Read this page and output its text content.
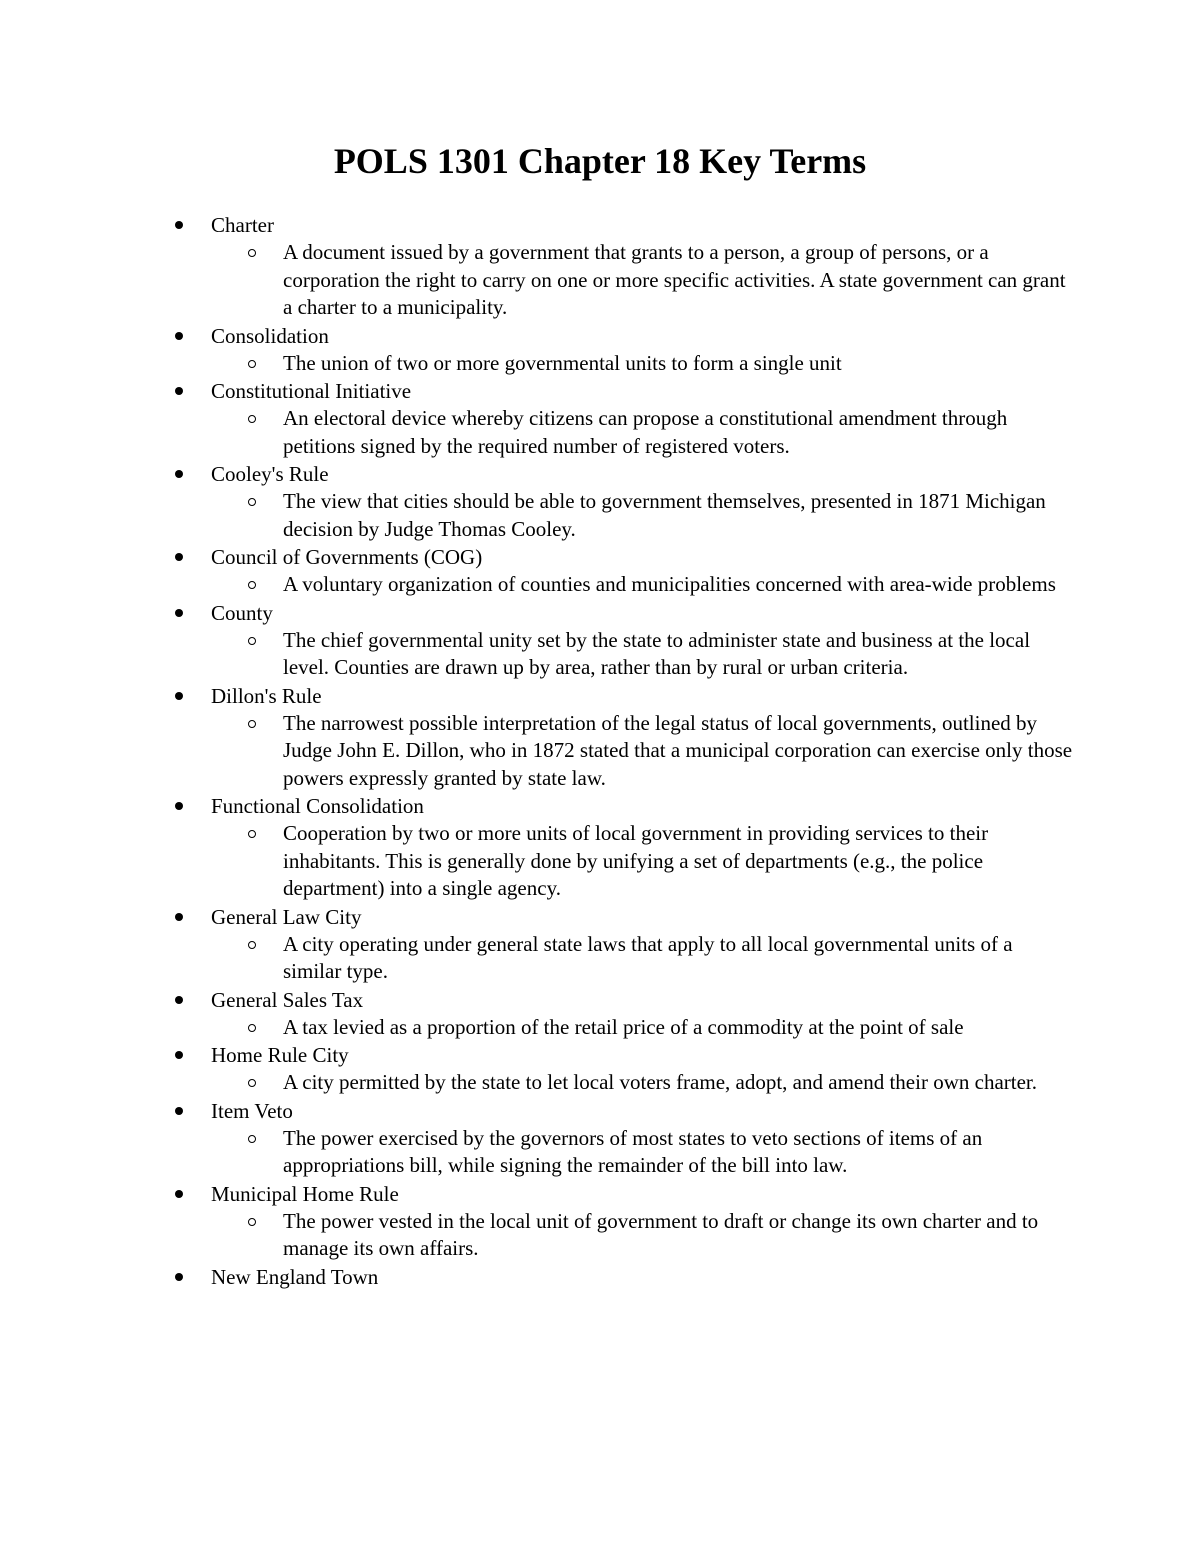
POLS 1301 Chapter 18 Key Terms
Charter
A document issued by a government that grants to a person, a group of persons, or a corporation the right to carry on one or more specific activities. A state government can grant a charter to a municipality.
Consolidation
The union of two or more governmental units to form a single unit
Constitutional Initiative
An electoral device whereby citizens can propose a constitutional amendment through petitions signed by the required number of registered voters.
Cooley's Rule
The view that cities should be able to government themselves, presented in 1871 Michigan decision by Judge Thomas Cooley.
Council of Governments (COG)
A voluntary organization of counties and municipalities concerned with area-wide problems
County
The chief governmental unity set by the state to administer state and business at the local level. Counties are drawn up by area, rather than by rural or urban criteria.
Dillon's Rule
The narrowest possible interpretation of the legal status of local governments, outlined by Judge John E. Dillon, who in 1872 stated that a municipal corporation can exercise only those powers expressly granted by state law.
Functional Consolidation
Cooperation by two or more units of local government in providing services to their inhabitants. This is generally done by unifying a set of departments (e.g., the police department) into a single agency.
General Law City
A city operating under general state laws that apply to all local governmental units of a similar type.
General Sales Tax
A tax levied as a proportion of the retail price of a commodity at the point of sale
Home Rule City
A city permitted by the state to let local voters frame, adopt, and amend their own charter.
Item Veto
The power exercised by the governors of most states to veto sections of items of an appropriations bill, while signing the remainder of the bill into law.
Municipal Home Rule
The power vested in the local unit of government to draft or change its own charter and to manage its own affairs.
New England Town
